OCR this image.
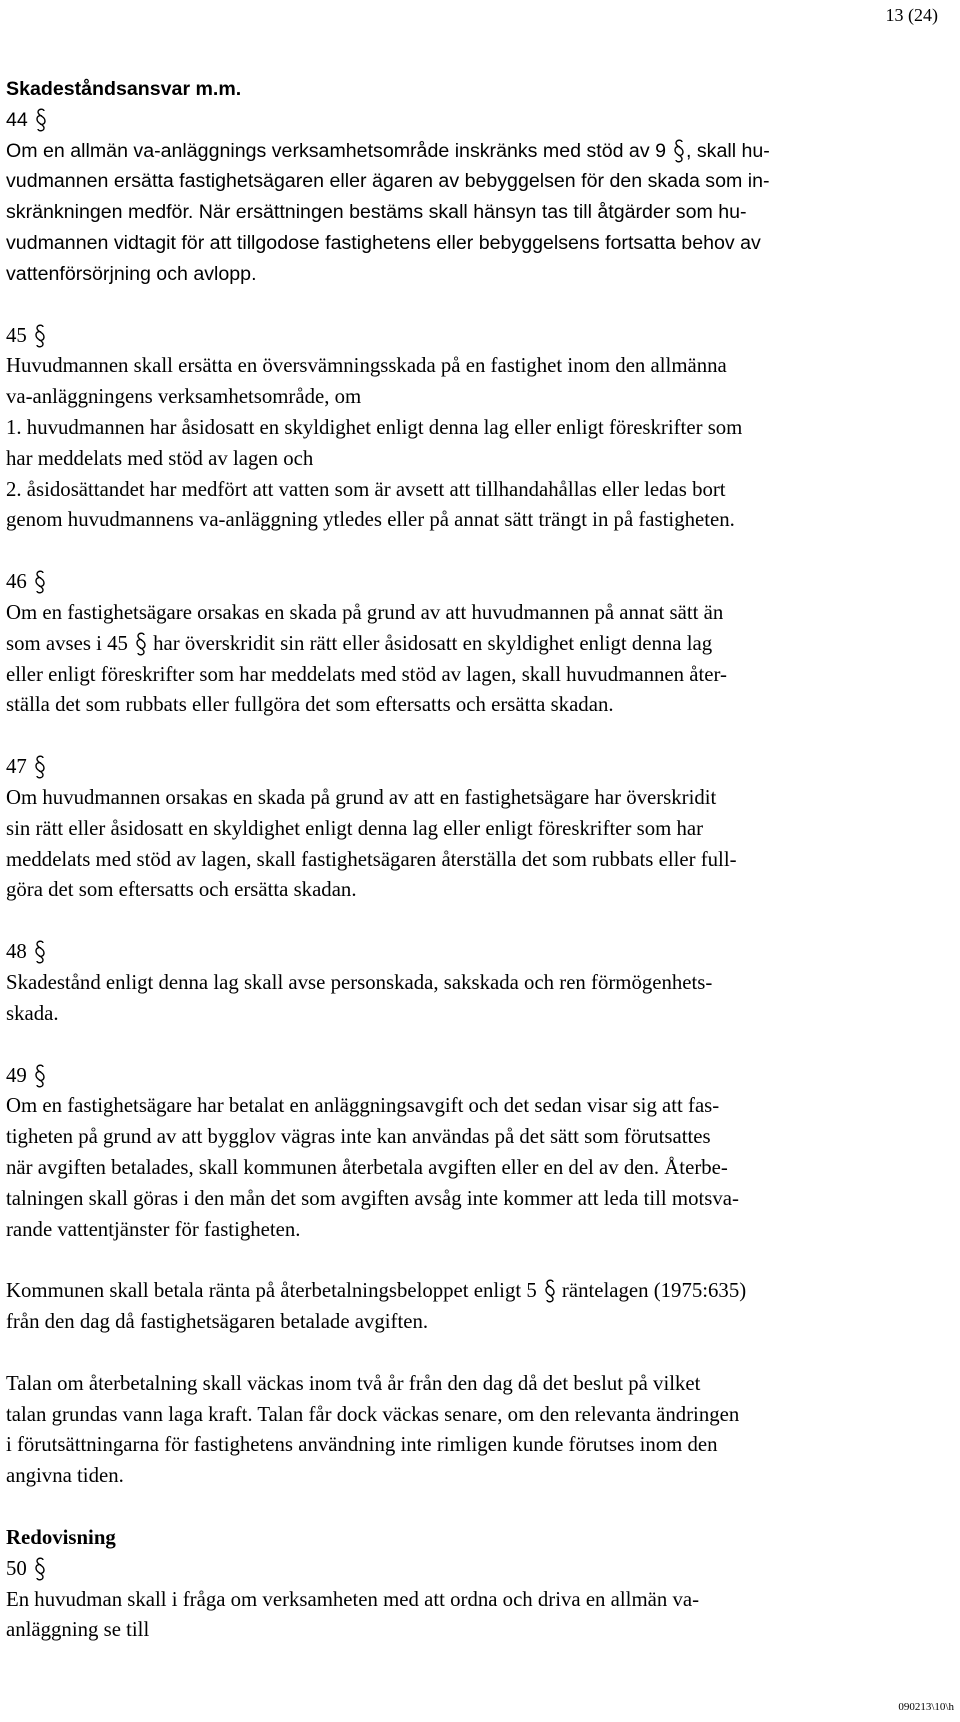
13 (24)

Skadeståndsansvar m.m.

44

Om en allmän va-anläggnings verksamhetsområde inskränks med stöd av 9 , skall hu-

vudmannen ersätta fastighetsägaren eller ägaren av bebyggelsen för den skada som in-

skränkningen medför. När ersättningen bestäms skall hänsyn tas till åtgärder som hu-

vudmannen vidtagit för att tillgodose fastighetens eller bebyggelsens fortsatta behov av

vattenförsörjning och avlopp.

45

Huvudmannen skall ersätta en översvämningsskada på en fastighet inom den allmänna

va-anläggningens verksamhetsområde, om

1. huvudmannen har åsidosatt en skyldighet enligt denna lag eller enligt föreskrifter som

har meddelats med stöd av lagen och

2. åsidosättandet har medfört att vatten som är avsett att tillhandahållas eller ledas bort

genom huvudmannens va-anläggning ytledes eller på annat sätt trängt in på fastigheten.

46

Om en fastighetsägare orsakas en skada på grund av att huvudmannen på annat sätt än

som avses i 45 har överskridit sin rätt eller åsidosatt en skyldighet enligt denna lag

eller enligt föreskrifter som har meddelats med stöd av lagen, skall huvudmannen åter-

ställa det som rubbats eller fullgöra det som eftersatts och ersätta skadan.

47

Om huvudmannen orsakas en skada på grund av att en fastighetsägare har överskridit

sin rätt eller åsidosatt en skyldighet enligt denna lag eller enligt föreskrifter som har

meddelats med stöd av lagen, skall fastighetsägaren återställa det som rubbats eller full-

göra det som eftersatts och ersätta skadan.

48

Skadestånd enligt denna lag skall avse personskada, sakskada och ren förmögenhets-

skada.

49

Om en fastighetsägare har betalat en anläggningsavgift och det sedan visar sig att fas-

tigheten på grund av att bygglov vägras inte kan användas på det sätt som förutsattes

när avgiften betalades, skall kommunen återbetala avgiften eller en del av den. Återbe-

talningen skall göras i den mån det som avgiften avsåg inte kommer att leda till motsva-

rande vattentjänster för fastigheten.

Kommunen skall betala ränta på återbetalningsbeloppet enligt 5 räntelagen (1975:635)

från den dag då fastighetsägaren betalade avgiften.

Talan om återbetalning skall väckas inom två år från den dag då det beslut på vilket

talan grundas vann laga kraft. Talan får dock väckas senare, om den relevanta ändringen

i förutsättningarna för fastighetens användning inte rimligen kunde förutses inom den

angivna tiden.

Redovisning

50

En huvudman skall i fråga om verksamheten med att ordna och driva en allmän va-

anläggning se till

090213\10\h
